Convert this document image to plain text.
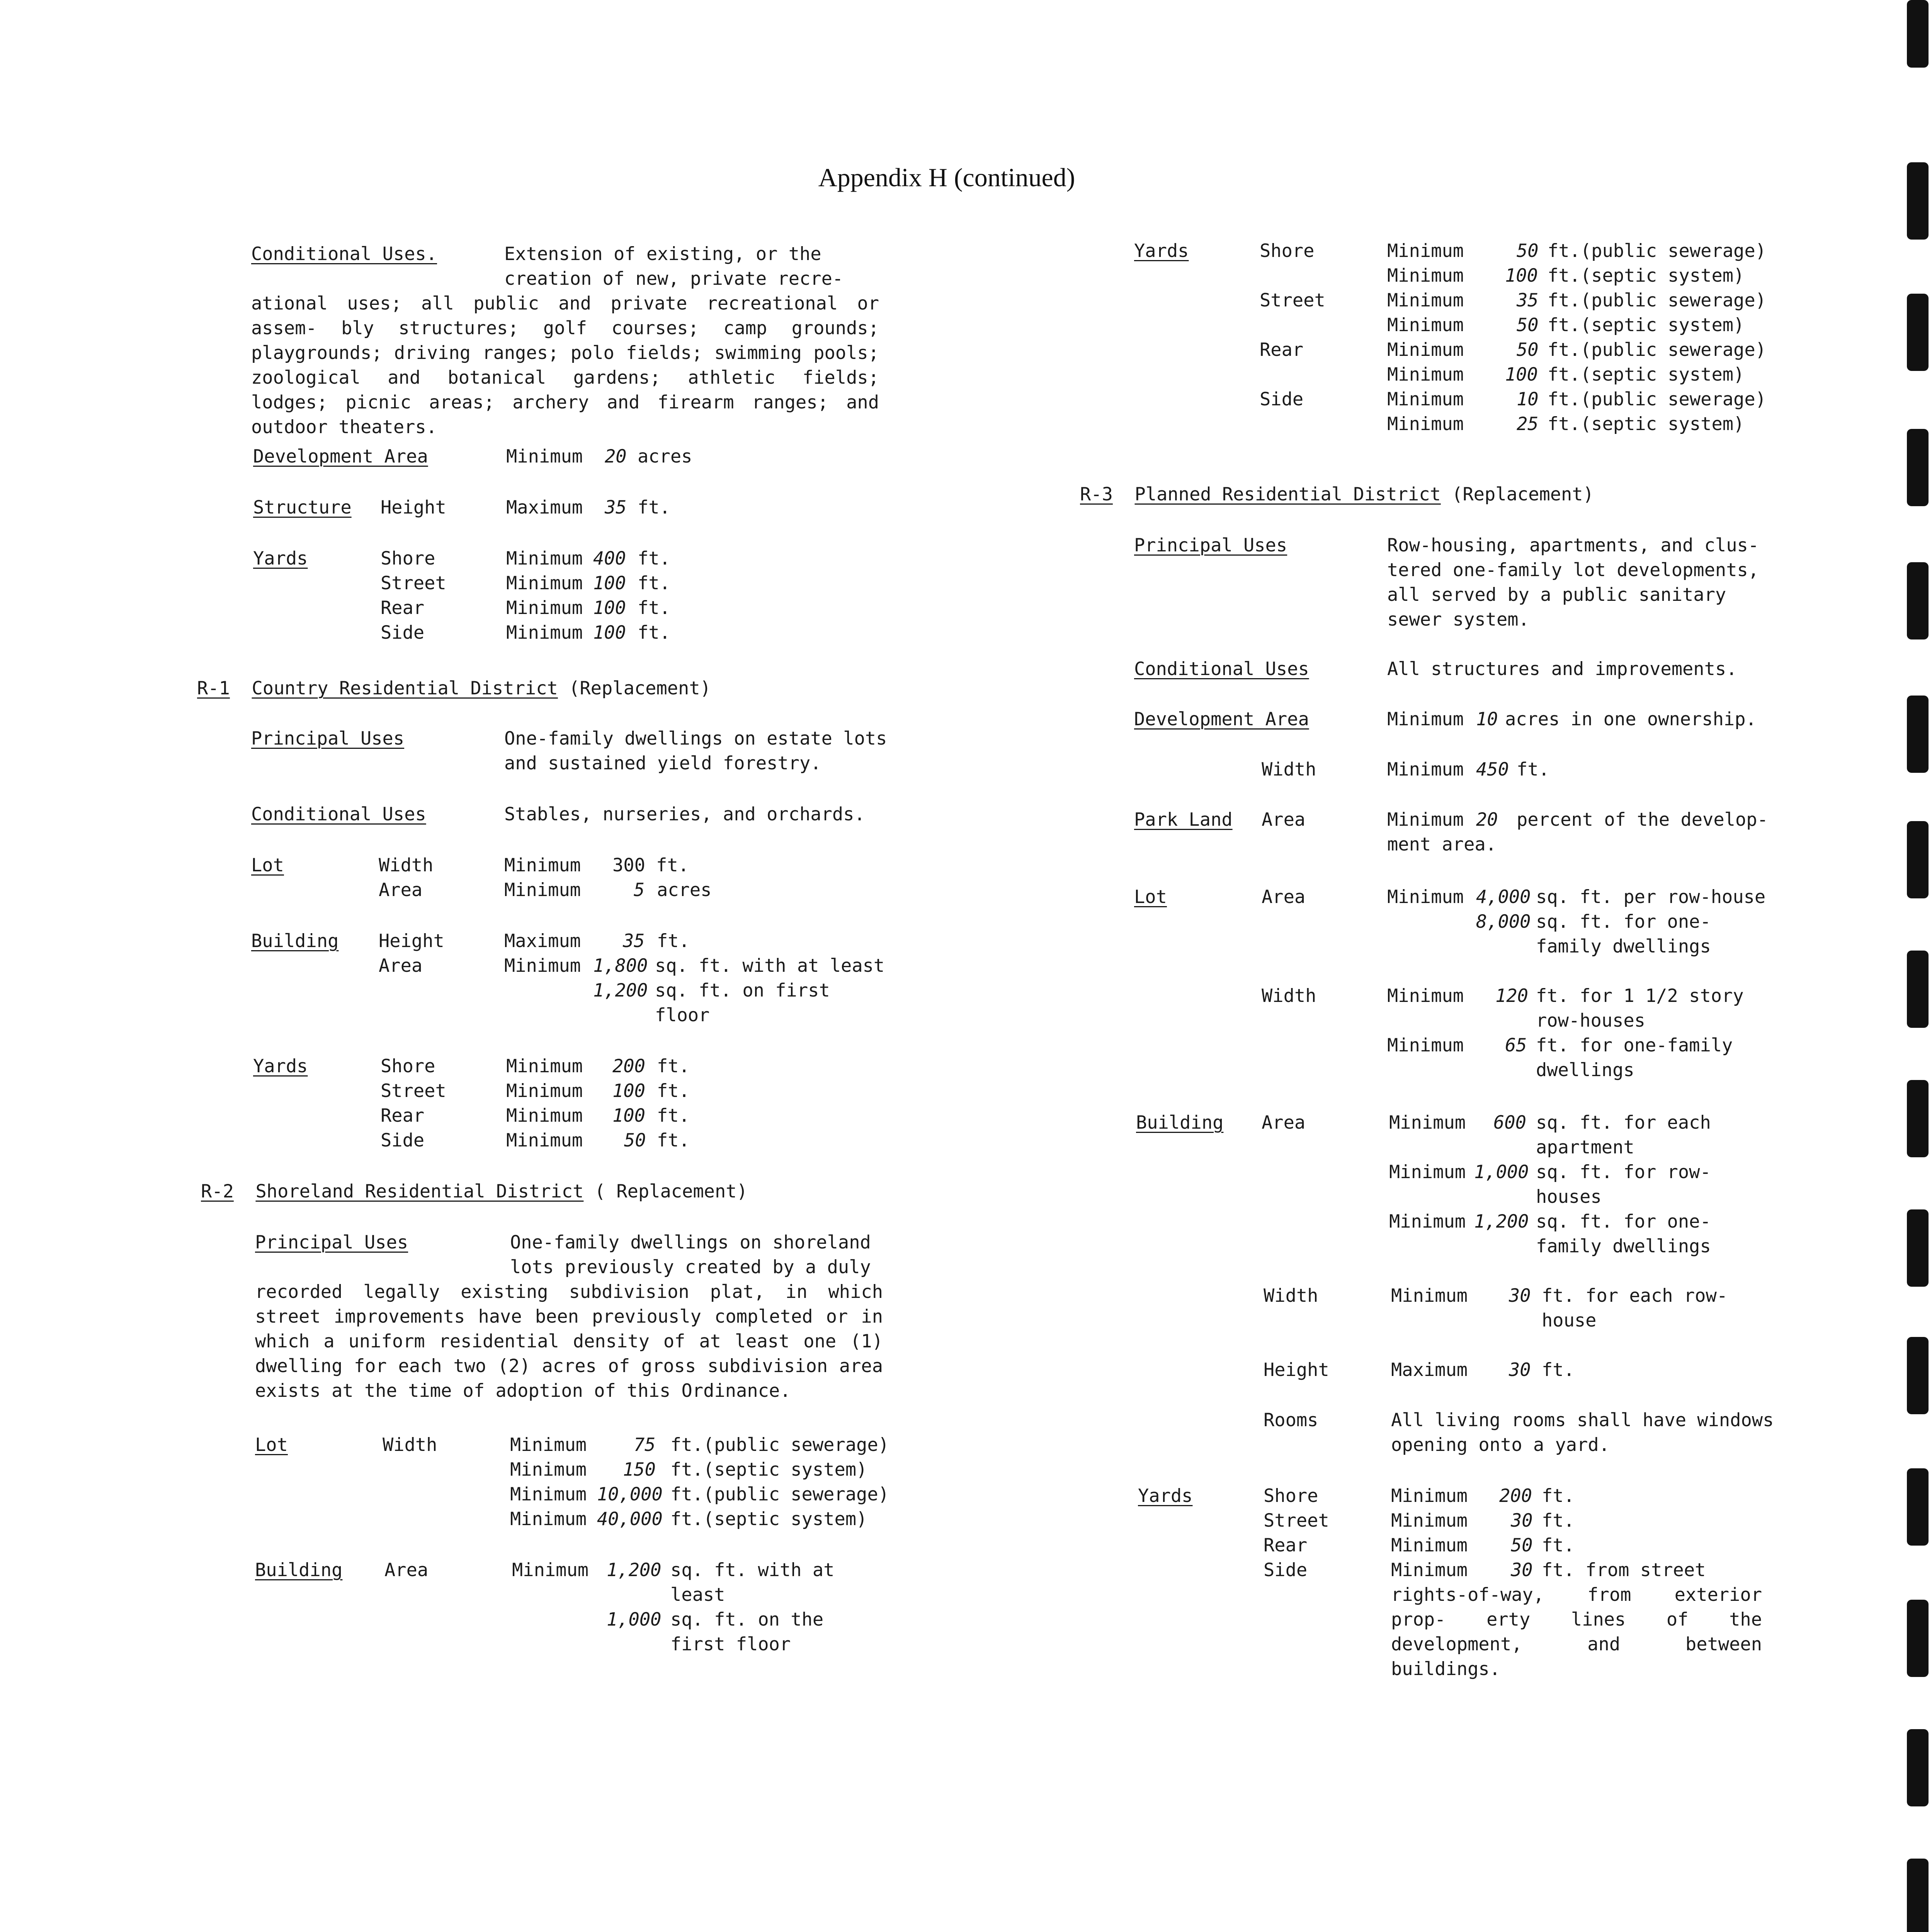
Appendix H (continued)
Conditional Uses.	Extension of existing, or the
creation of new, private recre-
ational uses; all public and private recreational or assem- bly structures; golf courses; camp grounds; playgrounds; driving ranges; polo fields; swimming pools; zoological and botanical gardens; athletic fields; lodges; picnic areas; archery and firearm ranges; and outdoor theaters.
Development Area	Minimum 20 acres
Structure Height	Maximum 35 ft.
Yards	Shore	Minimum 400 ft.
Street	Minimum 100 ft.
Rear	Minimum 100 ft.
Side	Minimum 100 ft.
R-1 Country Residential District (Replacement)
Principal Uses	One-family dwellings on estate lots
and sustained yield forestry.
Conditional Uses	Stables, nurseries, and orchards.
Lot	Width	Minimum 300 ft.
Area	Minimum	5 acres
Building Height	Maximum 35 ft.
Area	Minimum 1,800 sq. ft. with at least
1,200 sq. ft. on first
floor
Yards	Shore	Minimum 200 ft.
Street	Minimum 100 ft.
Rear	Minimum 100 ft.
Side	Minimum 50 ft.
R-2 Shoreland Residential District ( Replacement)
Principal Uses	One-family dwellings on shoreland
lots previously created by a duly
recorded legally existing subdivision plat, in which street improvements have been previously completed or in which a uniform residential density of at least one (1) dwelling for each two (2) acres of gross subdivision area exists at the time of adoption of this Ordinance.
Lot	Width	Minimum	75 ft.(public sewerage)
Minimum 150 ft.(septic system)
Minimum 10,000 ft.(public sewerage)
Minimum 40,000 ft.(septic system)
Building Area	Minimum 1,200 sq. ft. with at
least
1,000 sq. ft. on the
first floor
Yards	Shore	Minimum	50 ft.(public sewerage)
Minimum 100 ft.(septic system)
Street	Minimum	35 ft.(public sewerage)
Minimum	50 ft.(septic system)
Rear	Minimum	50 ft.(public sewerage)
Minimum 100 ft.(septic system)
Side	Minimum	10 ft.(public sewerage)
Minimum	25 ft.(septic system)
R-3 Planned Residential District (Replacement)
Principal Uses	Row-housing, apartments, and clus-
tered one-family lot developments,
all served by a public sanitary
sewer system.
Conditional Uses	All structures and improvements.
Development Area	Minimum 10 acres in one ownership.
Width	Minimum 450 ft.
Park Land Area	Minimum 20 percent of the develop-
ment area.
Lot	Area	Minimum 4,000 sq. ft. per row-house
8,000 sq. ft. for one-
family dwellings
Width	Minimum 120 ft. for 1 1/2 story
row-houses
Minimum 65 ft. for one-family
dwellings
Building Area	Minimum 600 sq. ft. for each
apartment
Minimum 1,000 sq. ft. for row-
houses
Minimum 1,200 sq. ft. for one-
family dwellings
Width	Minimum 30 ft. for each row-
house
Height	Maximum 30 ft.
Rooms	All living rooms shall have windows
opening onto a yard.
Yards	Shore	Minimum 200 ft.
Street	Minimum 30 ft.
Rear	Minimum 50 ft.
Side	Minimum 30 ft. from street
rights-of-way, from exterior prop- erty lines of the development, and between buildings.
